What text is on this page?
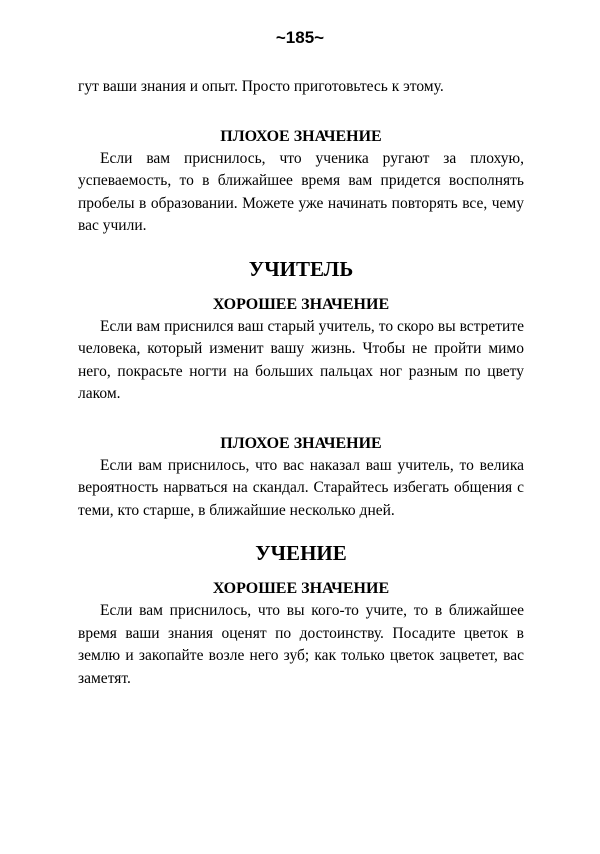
~185~

гут ваши знания и опыт. Просто приготовьтесь к этому.

ПЛОХОЕ ЗНАЧЕНИЕ

Если вам приснилось, что ученика ругают за плохую, успеваемость, то в ближайшее время вам придется восполнять пробелы в образовании. Можете уже начинать повторять все, чему вас учили.

УЧИТЕЛЬ
ХОРОШЕЕ ЗНАЧЕНИЕ

Если вам приснился ваш старый учитель, то скоро вы встретите человека, который изменит вашу жизнь. Чтобы не пройти мимо него, покрасьте ногти на больших пальцах ног разным по цвету лаком.

ПЛОХОЕ ЗНАЧЕНИЕ

Если вам приснилось, что вас наказал ваш учитель, то велика вероятность нарваться на скандал. Старайтесь избегать общения с теми, кто старше, в ближайшие несколько дней.

УЧЕНИЕ
ХОРОШЕЕ ЗНАЧЕНИЕ

Если вам приснилось, что вы кого-то учите, то в ближайшее время ваши знания оценят по достоинству. Посадите цветок в землю и закопайте возле него зуб; как только цветок зацветет, вас заметят.
